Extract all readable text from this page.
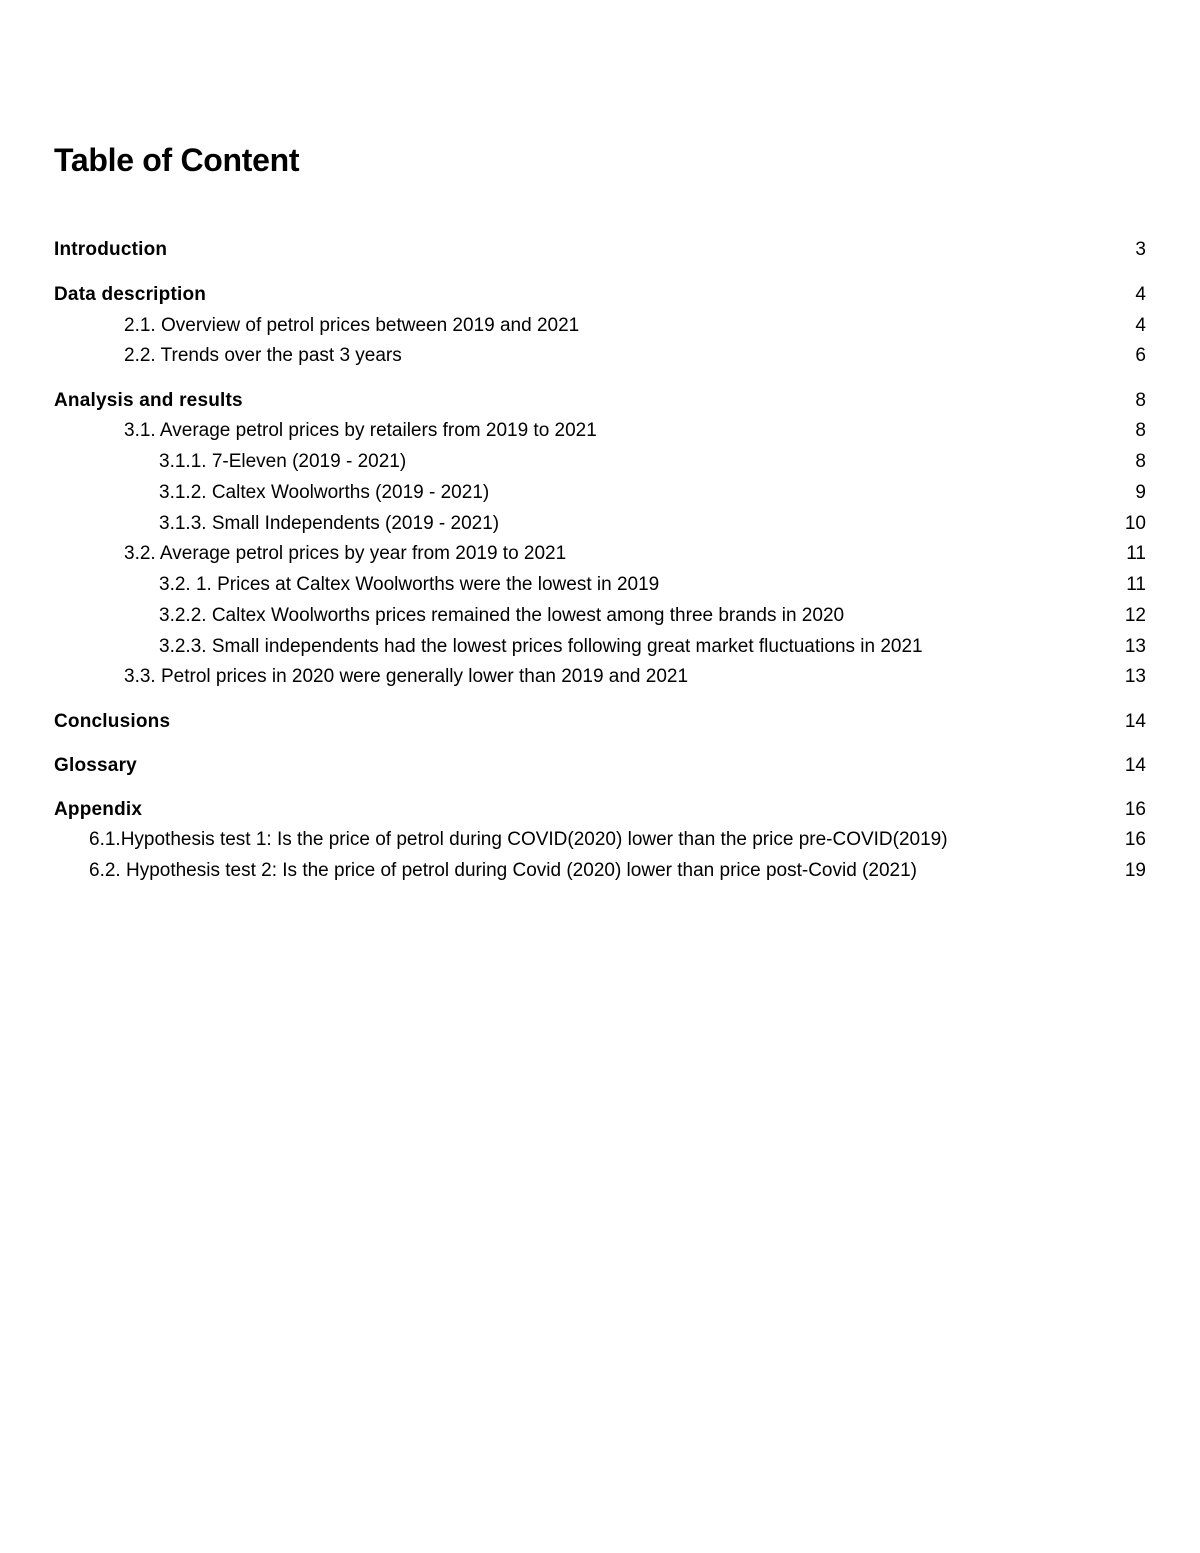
Table of Content
Introduction	3
Data description	4
2.1. Overview of petrol prices between 2019 and 2021	4
2.2. Trends over the past 3 years	6
Analysis and results	8
3.1. Average petrol prices by retailers from 2019 to 2021	8
3.1.1. 7-Eleven (2019 - 2021)	8
3.1.2. Caltex Woolworths (2019 - 2021)	9
3.1.3. Small Independents (2019 - 2021)	10
3.2. Average petrol prices by year from 2019 to 2021	11
3.2. 1. Prices at Caltex Woolworths were the lowest in 2019	11
3.2.2. Caltex Woolworths prices remained the lowest among three brands in 2020	12
3.2.3. Small independents had the lowest prices following great market fluctuations in 2021	13
3.3. Petrol prices in 2020 were generally lower than 2019 and 2021	13
Conclusions	14
Glossary	14
Appendix	16
6.1.Hypothesis test 1: Is the price of petrol during COVID(2020) lower than the price pre-COVID(2019)	16
6.2. Hypothesis test 2: Is the price of petrol during Covid (2020) lower than price post-Covid (2021)	19
